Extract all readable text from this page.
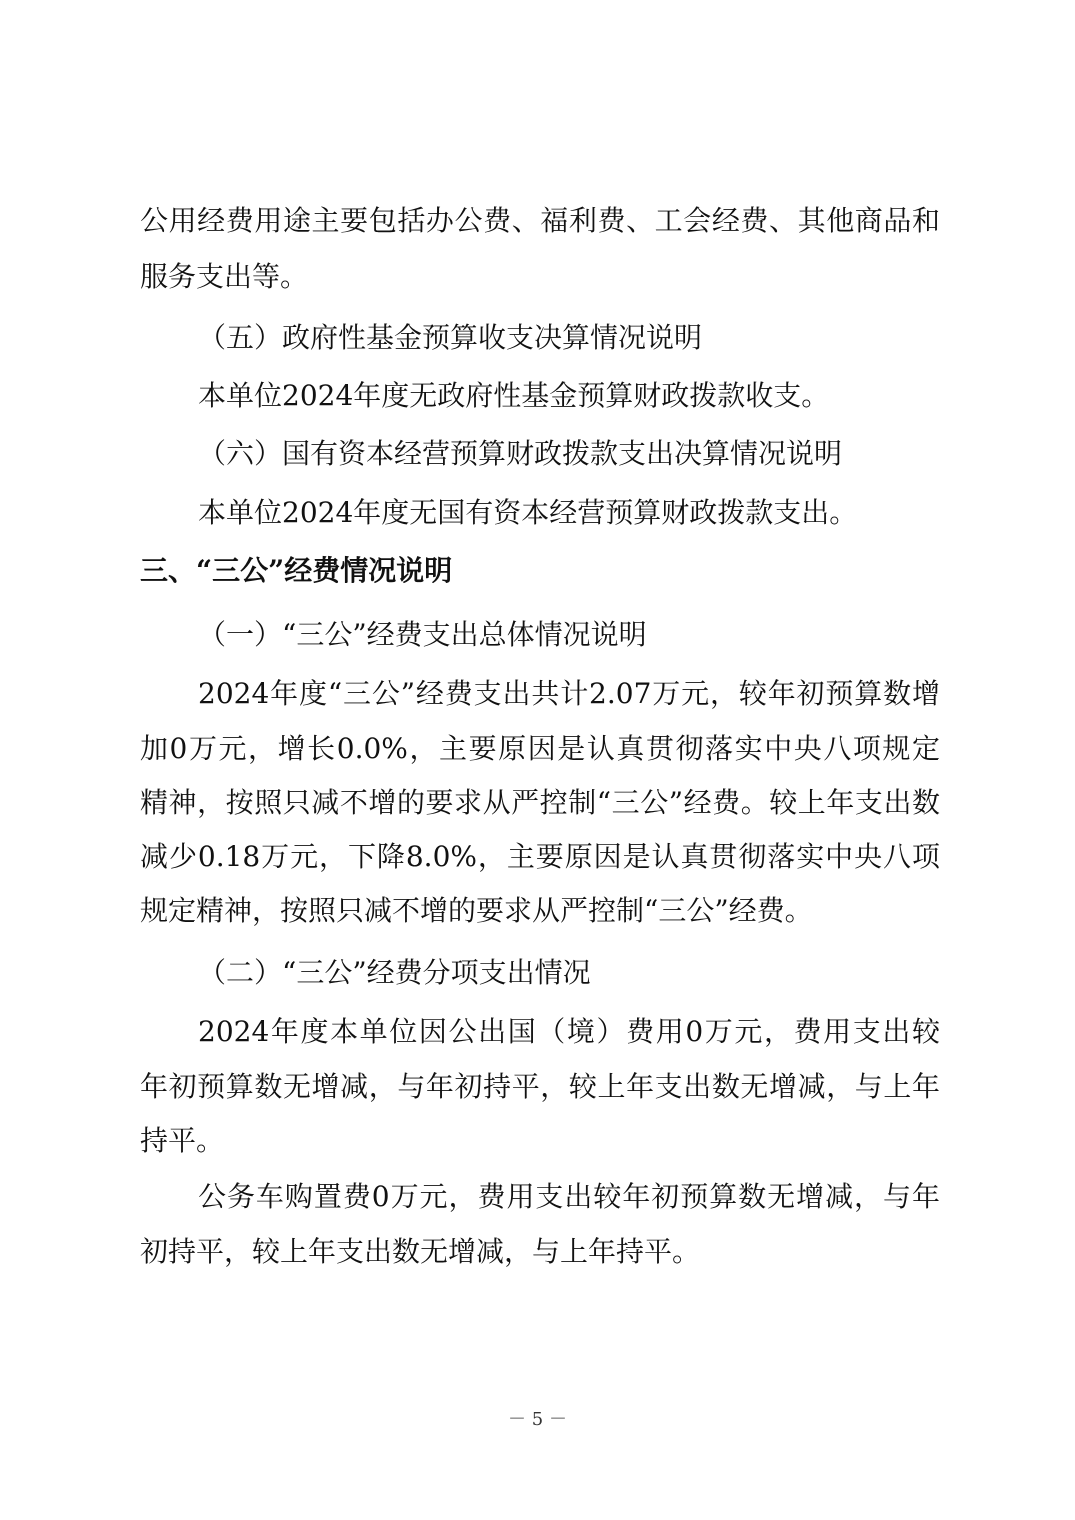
公用经费用途主要包括办公费、福利费、工会经费、其他商品和
服务支出等。
（五）政府性基金预算收支决算情况说明
本单位2024年度无政府性基金预算财政拨款收支。
（六）国有资本经营预算财政拨款支出决算情况说明
本单位2024年度无国有资本经营预算财政拨款支出。
三、“三公”经费情况说明
（一）“三公”经费支出总体情况说明
2024年度“三公”经费支出共计2.07万元，较年初预算数增
加0万元，增长0.0%，主要原因是认真贯彻落实中央八项规定
精神，按照只减不增的要求从严控制“三公”经费。较上年支出数
减少0.18万元，下降8.0%，主要原因是认真贯彻落实中央八项
规定精神，按照只减不增的要求从严控制“三公”经费。
（二）“三公”经费分项支出情况
2024年度本单位因公出国（境）费用0万元，费用支出较
年初预算数无增减，与年初持平，较上年支出数无增减，与上年
持平。
公务车购置费0万元，费用支出较年初预算数无增减，与年
初持平，较上年支出数无增减，与上年持平。
－ 5 －
